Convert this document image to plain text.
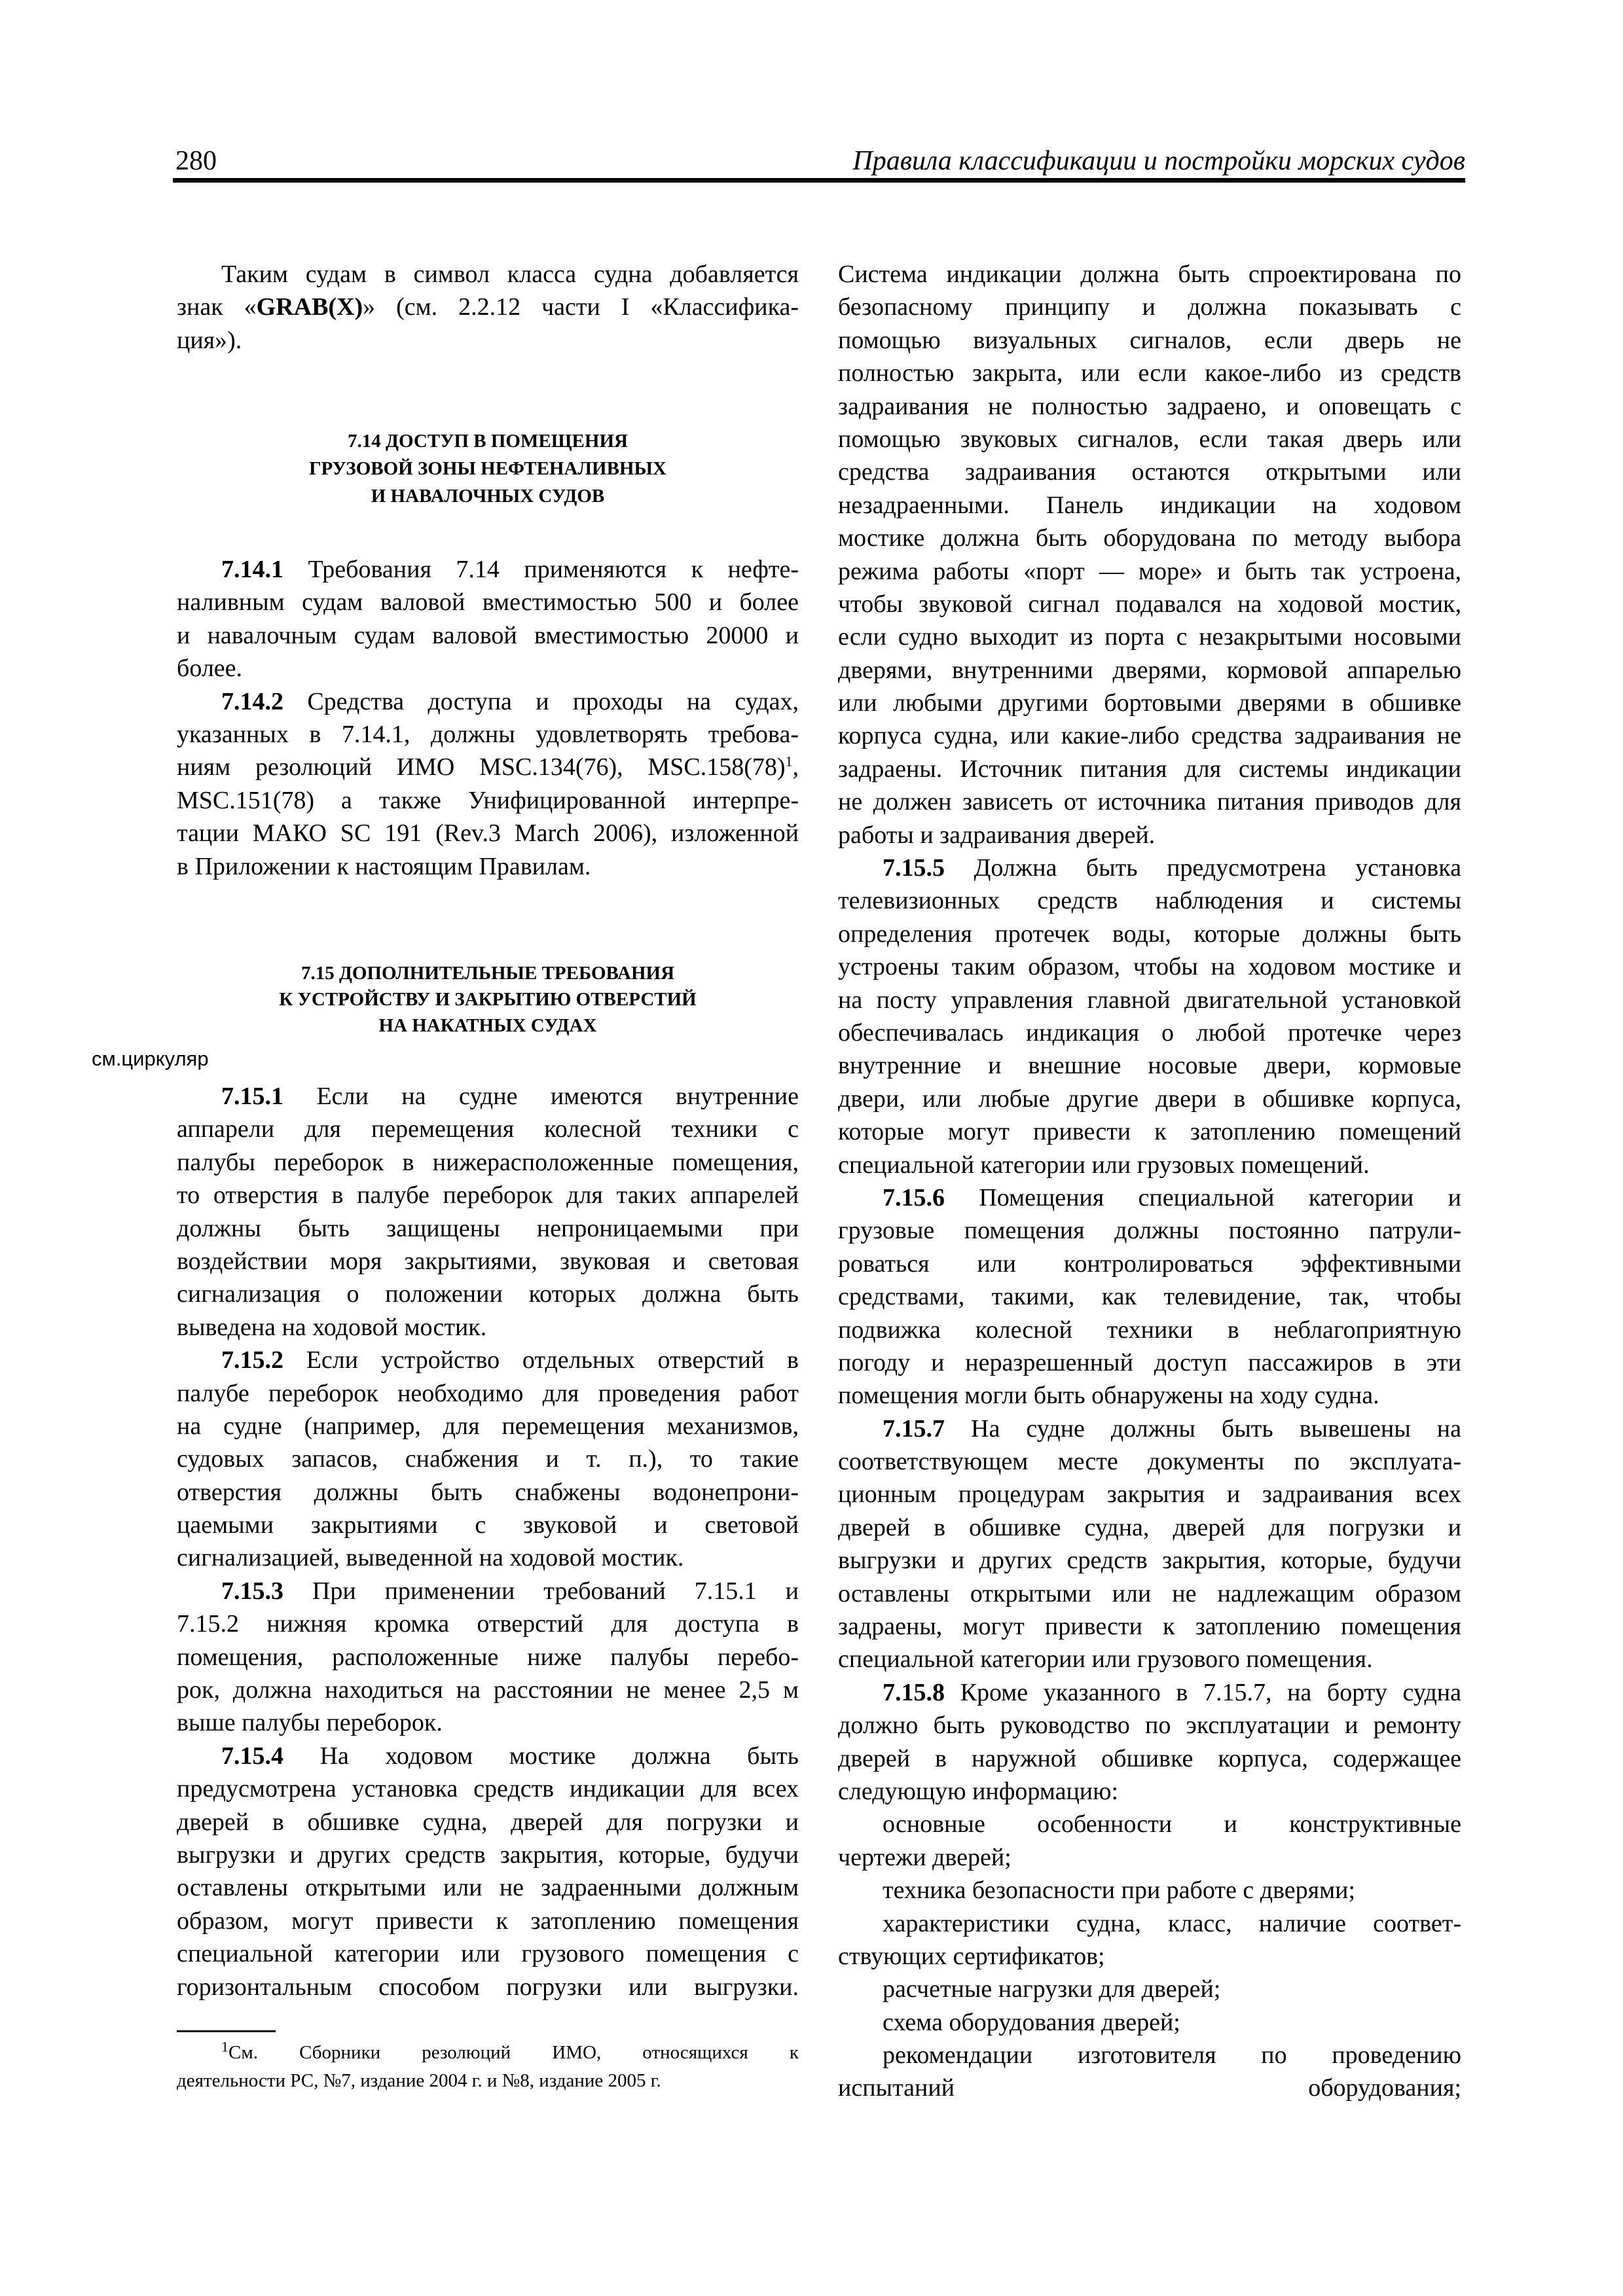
280	Правила классификации и постройки морских судов
Таким судам в символ класса судна добавляется
знак «GRAB(X)» (см. 2.2.12 части I «Классифика-
ция»).
7.14 ДОСТУП В ПОМЕЩЕНИЯ
ГРУЗОВОЙ ЗОНЫ НЕФТЕНАЛИВНЫХ
И НАВАЛОЧНЫХ СУДОВ
7.14.1 Требования 7.14 применяются к нефте-
наливным судам валовой вместимостью 500 и более
и навалочным судам валовой вместимостью 20000 и
более.
7.14.2 Средства доступа и проходы на судах,
указанных в 7.14.1, должны удовлетворять требова-
ниям резолюций ИМО MSC.134(76), $MSC.158(78)^1$,
MSC.151(78) а также Унифицированной интерпре-
тации МАКО SC 191 (Rev.3 March 2006), изложенной
в Приложении к настоящим Правилам.
7.15 ДОПОЛНИТЕЛЬНЫЕ ТРЕБОВАНИЯ
К УСТРОЙСТВУ И ЗАКРЫТИЮ ОТВЕРСТИЙ
НА НАКАТНЫХ СУДАХ
см.циркуляр
7.15.1 Если на судне имеются внутренние
аппарели для перемещения колесной техники с
палубы переборок в нижерасположенные помещения,
то отверстия в палубе переборок для таких аппарелей
должны быть защищены непроницаемыми при
воздействии моря закрытиями, звуковая и световая
сигнализация о положении которых должна быть
выведена на ходовой мостик.
7.15.2 Если устройство отдельных отверстий в
палубе переборок необходимо для проведения работ
на судне (например, для перемещения механизмов,
судовых запасов, снабжения и т. п.), то такие
отверстия должны быть снабжены водонепрони-
цаемыми закрытиями с звуковой и световой
сигнализацией, выведенной на ходовой мостик.
7.15.3 При применении требований 7.15.1 и
7.15.2 нижняя кромка отверстий для доступа в
помещения, расположенные ниже палубы перебо-
рок, должна находиться на расстоянии не менее 2,5 м
выше палубы переборок.
7.15.4 На ходовом мостике должна быть
предусмотрена установка средств индикации для всех
дверей в обшивке судна, дверей для погрузки и
выгрузки и других средств закрытия, которые, будучи
оставлены открытыми или не задраенными должным
образом, могут привести к затоплению помещения
специальной категории или грузового помещения с
горизонтальным способом погрузки или выгрузки.
Система индикации должна быть спроектирована по
безопасному принципу и должна показывать с
помощью визуальных сигналов, если дверь не
полностью закрыта, или если какое-либо из средств
задраивания не полностью задраено, и оповещать с
помощью звуковых сигналов, если такая дверь или
средства задраивания остаются открытыми или
незадраенными. Панель индикации на ходовом
мостике должна быть оборудована по методу выбора
режима работы «порт — море» и быть так устроена,
чтобы звуковой сигнал подавался на ходовой мостик,
если судно выходит из порта с незакрытыми носовыми
дверями, внутренними дверями, кормовой аппарелью
или любыми другими бортовыми дверями в обшивке
корпуса судна, или какие-либо средства задраивания не
задраены. Источник питания для системы индикации
не должен зависеть от источника питания приводов для
работы и задраивания дверей.
7.15.5 Должна быть предусмотрена установка
телевизионных средств наблюдения и системы
определения протечек воды, которые должны быть
устроены таким образом, чтобы на ходовом мостике и
на посту управления главной двигательной установкой
обеспечивалась индикация о любой протечке через
внутренние и внешние носовые двери, кормовые
двери, или любые другие двери в обшивке корпуса,
которые могут привести к затоплению помещений
специальной категории или грузовых помещений.
7.15.6 Помещения специальной категории и
грузовые помещения должны постоянно патрули-
роваться или контролироваться эффективными
средствами, такими, как телевидение, так, чтобы
подвижка колесной техники в неблагоприятную
погоду и неразрешенный доступ пассажиров в эти
помещения могли быть обнаружены на ходу судна.
7.15.7 На судне должны быть вывешены на
соответствующем месте документы по эксплуата-
ционным процедурам закрытия и задраивания всех
дверей в обшивке судна, дверей для погрузки и
выгрузки и других средств закрытия, которые, будучи
оставлены открытыми или не надлежащим образом
задраены, могут привести к затоплению помещения
специальной категории или грузового помещения.
7.15.8 Кроме указанного в 7.15.7, на борту судна
должно быть руководство по эксплуатации и ремонту
дверей в наружной обшивке корпуса, содержащее
следующую информацию:
основные особенности и конструктивные
чертежи дверей;
техника безопасности при работе с дверями;
характеристики судна, класс, наличие соответ-
ствующих сертификатов;
расчетные нагрузки для дверей;
схема оборудования дверей;
рекомендации изготовителя по проведению
испытаний оборудования;
$^1$См. Сборники резолюций ИМО, относящихся к
деятельности РС, №7, издание 2004 г. и №8, издание 2005 г.
